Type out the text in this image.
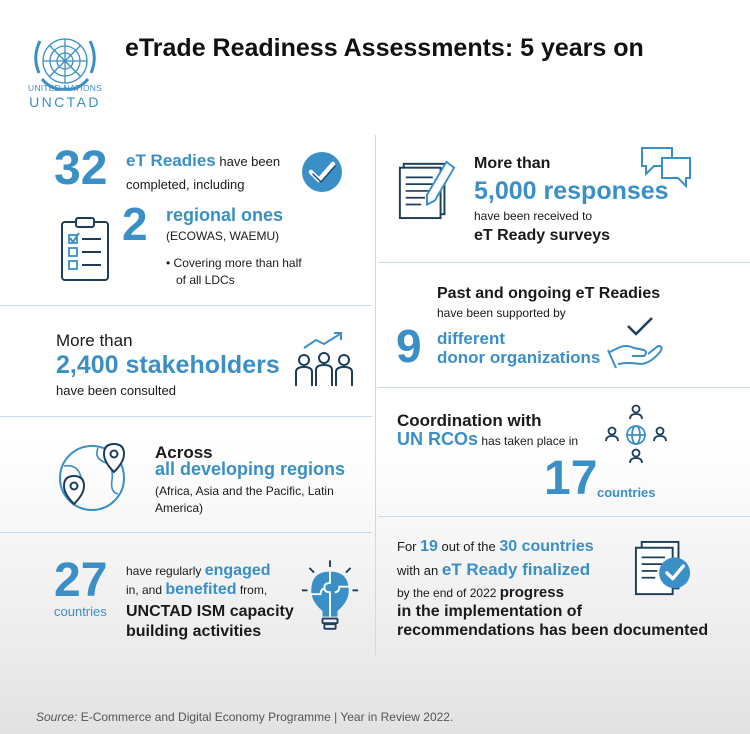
UNITED NATIONS
UNCTAD
eTrade Readiness Assessments: 5 years on
32 eT Readies have been
completed, including
2 regional ones
(ECOWAS, WAEMU)
• Covering more than half
of all LDCs
More than
2,400 stakeholders
have been consulted
Across
all developing regions
(Africa, Asia and the Pacific, Latin
America)
27
countries
have regularly engaged
in, and benefited from,
UNCTAD ISM capacity
building activities
More than
5,000 responses
have been received to
eT Ready surveys
Past and ongoing eT Readies
have been supported by
9 different
donor organizations
Coordination with
UN RCOs has taken place in
17 countries
For 19 out of the 30 countries
with an eT Ready finalized
by the end of 2022 progress
in the implementation of
recommendations has been documented
Source: E-Commerce and Digital Economy Programme | Year in Review 2022.
